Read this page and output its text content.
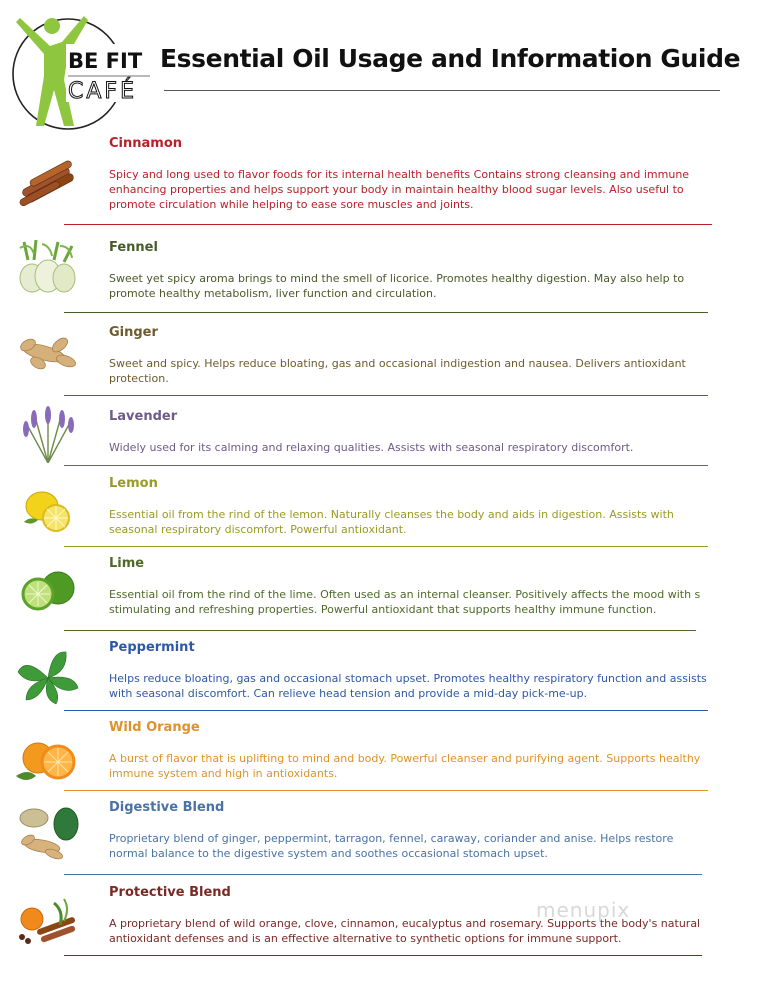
BE FIT
CAFÉ
Essential Oil Usage and Information Guide
Cinnamon
Spicy and long used to flavor foods for its internal health benefits Contains strong cleansing and immune enhancing properties and helps support your body in maintain healthy blood sugar levels. Also useful to promote circulation while helping to ease sore muscles and joints.
Fennel
Sweet yet spicy aroma brings to mind the smell of licorice. Promotes healthy digestion. May also help to promote healthy metabolism, liver function and circulation.
Ginger
Sweet and spicy. Helps reduce bloating, gas and occasional indigestion and nausea. Delivers antioxidant protection.
Lavender
Widely used for its calming and relaxing qualities. Assists with seasonal respiratory discomfort.
Lemon
Essential oil from the rind of the lemon. Naturally cleanses the body and aids in digestion. Assists with seasonal respiratory discomfort. Powerful antioxidant.
Lime
Essential oil from the rind of the lime. Often used as an internal cleanser. Positively affects the mood with s stimulating and refreshing properties. Powerful antioxidant that supports healthy immune function.
Peppermint
Helps reduce bloating, gas and occasional stomach upset. Promotes healthy respiratory function and assists with seasonal discomfort. Can relieve head tension and provide a mid-day pick-me-up.
Wild Orange
A burst of flavor that is uplifting to mind and body. Powerful cleanser and purifying agent. Supports healthy immune system and high in antioxidants.
Digestive Blend
Proprietary blend of ginger, peppermint, tarragon, fennel, caraway, coriander and anise. Helps restore normal balance to the digestive system and soothes occasional stomach upset.
Protective Blend
A proprietary blend of wild orange, clove, cinnamon, eucalyptus and rosemary. Supports the body's natural antioxidant defenses and is an effective alternative to synthetic options for immune support.
menupix
